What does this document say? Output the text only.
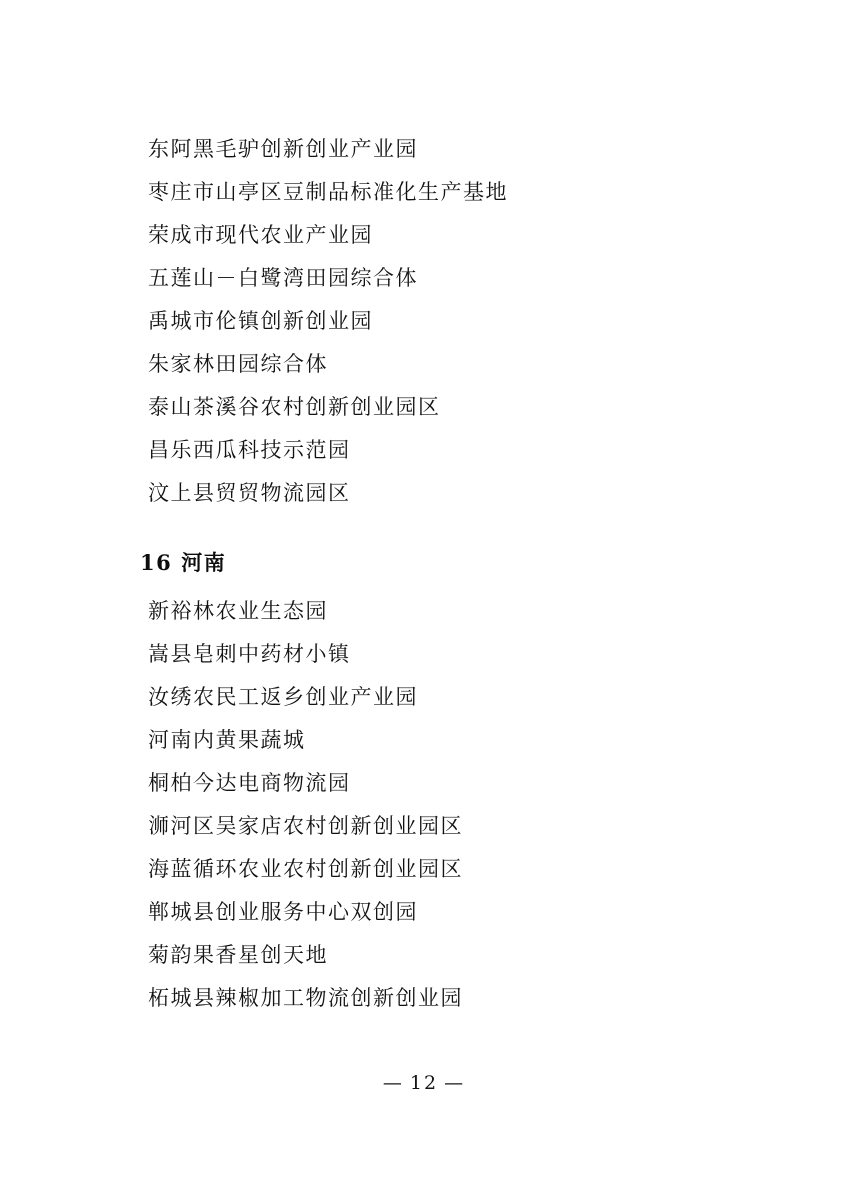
东阿黑毛驴创新创业产业园
枣庄市山亭区豆制品标准化生产基地
荣成市现代农业产业园
五莲山－白鹭湾田园综合体
禹城市伦镇创新创业园
朱家林田园综合体
泰山茶溪谷农村创新创业园区
昌乐西瓜科技示范园
汶上县贸贸物流园区
16 河南
新裕林农业生态园
嵩县皂刺中药材小镇
汝绣农民工返乡创业产业园
河南内黄果蔬城
桐柏今达电商物流园
浉河区吴家店农村创新创业园区
海蓝循环农业农村创新创业园区
郸城县创业服务中心双创园
菊韵果香星创天地
柘城县辣椒加工物流创新创业园
— 12 —
